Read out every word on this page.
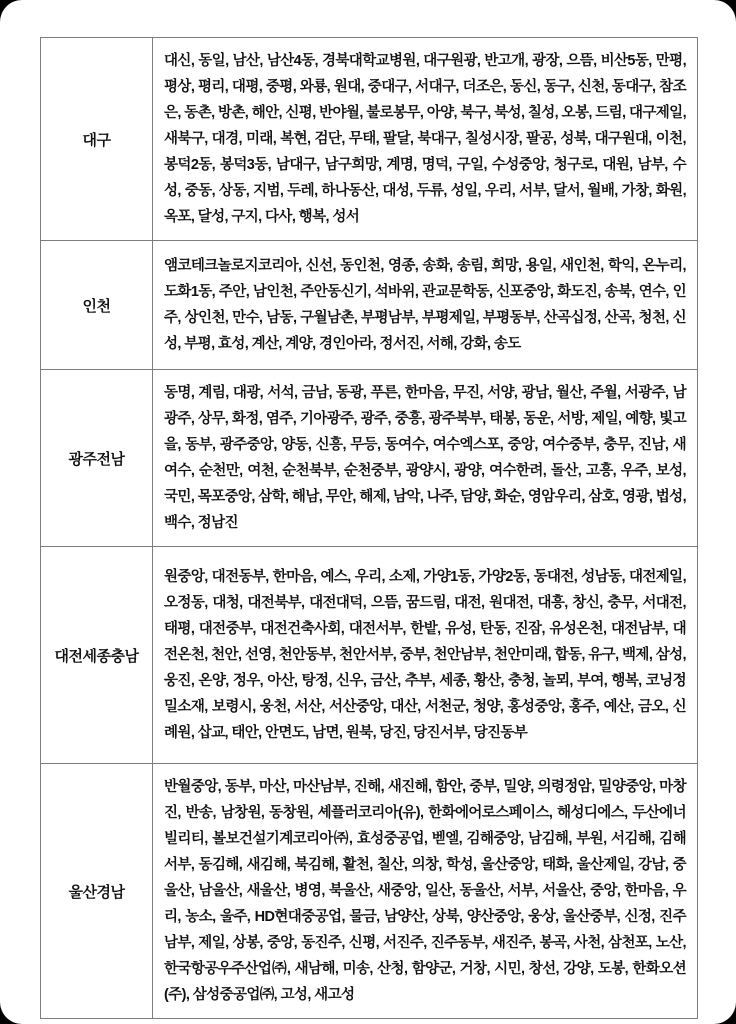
대구	대신, 동일, 남산, 남산4동, 경북대학교병원, 대구원광, 반고개, 광장, 으뜸, 비산5동, 만평, 평상, 평리, 대평, 중평, 와룡, 원대, 중대구, 서대구, 더조은, 동신, 동구, 신천, 동대구, 참조은, 동촌, 방촌, 해안, 신평, 반야월, 불로봉무, 아양, 북구, 북성, 칠성, 오봉, 드림, 대구제일, 새북구, 대경, 미래, 복현, 검단, 무태, 팔달, 북대구, 칠성시장, 팔공, 성북, 대구원대, 이천, 봉덕2동, 봉덕3동, 남대구, 남구희망, 계명, 명덕, 구일, 수성중앙, 청구로, 대원, 남부, 수성, 중동, 상동, 지범, 두레, 하나동산, 대성, 두류, 성일, 우리, 서부, 달서, 월배, 가창, 화원, 옥포, 달성, 구지, 다사, 행복, 성서
인천	앰코테크놀로지코리아, 신선, 동인천, 영종, 송화, 송림, 희망, 용일, 새인천, 학익, 온누리, 도화1동, 주안, 남인천, 주안동신기, 석바위, 관교문학동, 신포중앙, 화도진, 송북, 연수, 인주, 상인천, 만수, 남동, 구월남촌, 부평남부, 부평제일, 부평동부, 산곡십정, 산곡, 청천, 신성, 부평, 효성, 계산, 계양, 경인아라, 정서진, 서해, 강화, 송도
광주전남	동명, 계림, 대광, 서석, 금남, 동광, 푸른, 한마음, 무진, 서양, 광남, 월산, 주월, 서광주, 남광주, 상무, 화정, 염주, 기아광주, 광주, 중흥, 광주북부, 태봉, 동운, 서방, 제일, 예향, 빛고을, 동부, 광주중앙, 양동, 신흥, 무등, 동여수, 여수엑스포, 중앙, 여수중부, 충무, 진남, 새여수, 순천만, 여천, 순천북부, 순천중부, 광양시, 광양, 여수한려, 돌산, 고흥, 우주, 보성, 국민, 목포중앙, 삼학, 해남, 무안, 해제, 남악, 나주, 담양, 화순, 영암우리, 삼호, 영광, 법성, 백수, 정남진
대전세종충남	원중앙, 대전동부, 한마음, 예스, 우리, 소제, 가양1동, 가양2동, 동대전, 성남동, 대전제일, 오정동, 대청, 대전북부, 대전대덕, 으뜸, 꿈드림, 대전, 원대전, 대흥, 창신, 충무, 서대전, 태평, 대전중부, 대전건축사회, 대전서부, 한밭, 유성, 탄동, 진잠, 유성온천, 대전남부, 대전온천, 천안, 선영, 천안동부, 천안서부, 중부, 천안남부, 천안미래, 합동, 유구, 백제, 삼성, 웅진, 온양, 정우, 아산, 탕정, 신우, 금산, 추부, 세종, 황산, 충청, 놀뫼, 부여, 행복, 코닝정밀소재, 보령시, 웅천, 서산, 서산중앙, 대산, 서천군, 청양, 홍성중앙, 홍주, 예산, 금오, 신례원, 삽교, 태안, 안면도, 남면, 원북, 당진, 당진서부, 당진동부
울산경남	반월중앙, 동부, 마산, 마산남부, 진해, 새진해, 함안, 중부, 밀양, 의령정암, 밀양중앙, 마창진, 반송, 남창원, 동창원, 셰플러코리아(유), 한화에어로스페이스, 해성디에스, 두산에너빌리티, 볼보건설기계코리아㈜, 효성중공업, 벧엘, 김해중앙, 남김해, 부원, 서김해, 김해서부, 동김해, 새김해, 북김해, 활천, 칠산, 의창, 학성, 울산중앙, 태화, 울산제일, 강남, 중울산, 남울산, 새울산, 병영, 북울산, 새중앙, 일산, 동울산, 서부, 서울산, 중앙, 한마음, 우리, 농소, 울주, HD현대중공업, 물금, 남양산, 상북, 양산중앙, 웅상, 울산중부, 신정, 진주남부, 제일, 상봉, 중앙, 동진주, 신평, 서진주, 진주동부, 새진주, 봉곡, 사천, 삼천포, 노산, 한국항공우주산업㈜, 새남해, 미송, 산청, 함양군, 거창, 시민, 창선, 강양, 도봉, 한화오션(주), 삼성중공업㈜, 고성, 새고성
